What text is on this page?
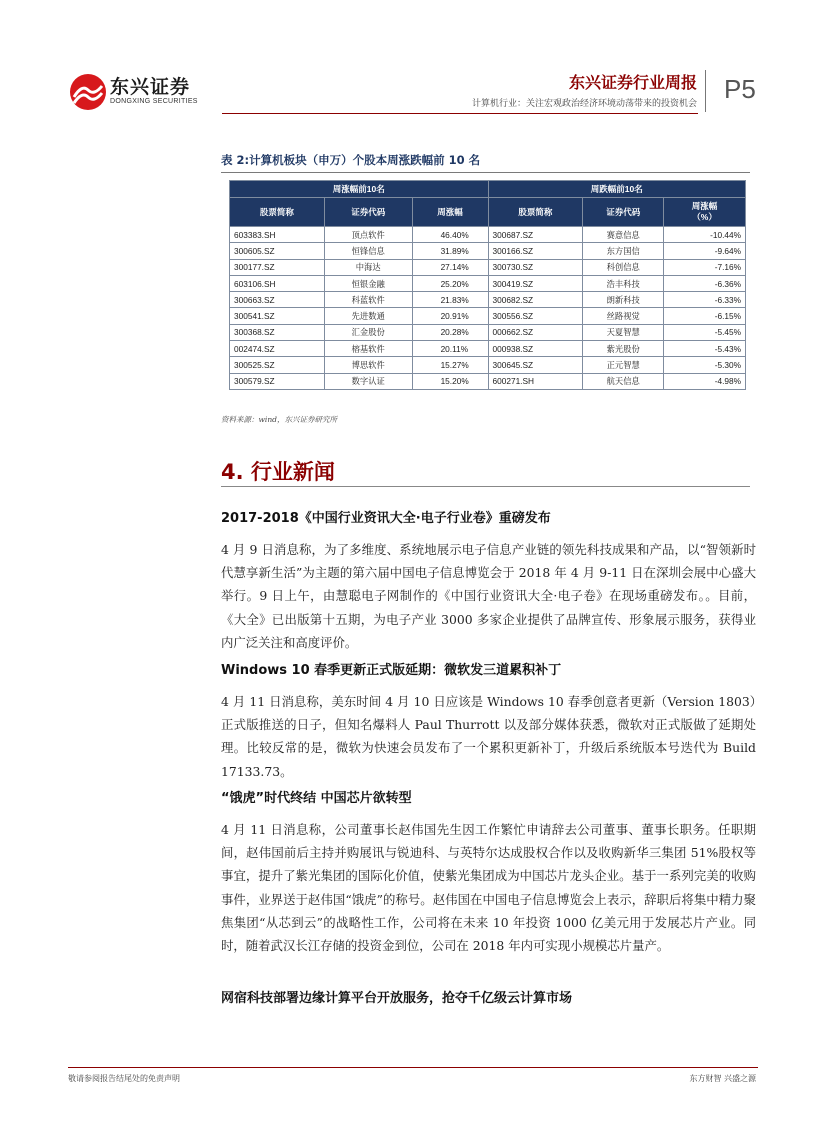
东兴证券
DONGXING SECURITIES
东兴证券行业周报
计算机行业：关注宏观政治经济环境动荡带来的投资机会 P5
表 2:计算机板块（申万）个股本周涨跌幅前 10 名
周涨幅前10名			周跌幅前10名		
股票简称	证券代码	周涨幅	股票简称	证券代码	周涨幅
（%）
603383.SH	顶点软件	46.40%	300687.SZ	赛意信息	-10.44%
300605.SZ	恒锋信息	31.89%	300166.SZ	东方国信	-9.64%
300177.SZ	中海达	27.14%	300730.SZ	科创信息	-7.16%
603106.SH	恒银金融	25.20%	300419.SZ	浩丰科技	-6.36%
300663.SZ	科蓝软件	21.83%	300682.SZ	朗新科技	-6.33%
300541.SZ	先进数通	20.91%	300556.SZ	丝路视觉	-6.15%
300368.SZ	汇金股份	20.28%	000662.SZ	天夏智慧	-5.45%
002474.SZ	榕基软件	20.11%	000938.SZ	紫光股份	-5.43%
300525.SZ	博思软件	15.27%	300645.SZ	正元智慧	-5.30%
300579.SZ	数字认证	15.20%	600271.SH	航天信息	-4.98%
资料来源：wind，东兴证券研究所
4. 行业新闻
2017-2018《中国行业资讯大全·电子行业卷》重磅发布
4 月 9 日消息称，为了多维度、系统地展示电子信息产业链的领先科技成果和产品，以“智领新时代慧享新生活”为主题的第六届中国电子信息博览会于 2018 年 4 月 9-11 日在深圳会展中心盛大举行。9 日上午，由慧聪电子网制作的《中国行业资讯大全·电子卷》在现场重磅发布。。目前，《大全》已出版第十五期，为电子产业 3000 多家企业提供了品牌宣传、形象展示服务，获得业内广泛关注和高度评价。
Windows 10 春季更新正式版延期：微软发三道累积补丁
4 月 11 日消息称，美东时间 4 月 10 日应该是 Windows 10 春季创意者更新（Version 1803）正式版推送的日子，但知名爆料人 Paul Thurrott 以及部分媒体获悉，微软对正式版做了延期处理。比较反常的是，微软为快速会员发布了一个累积更新补丁，升级后系统版本号迭代为 Build 17133.73。
“饿虎”时代终结 中国芯片欲转型
4 月 11 日消息称，公司董事长赵伟国先生因工作繁忙申请辞去公司董事、董事长职务。任职期间，赵伟国前后主持并购展讯与锐迪科、与英特尔达成股权合作以及收购新华三集团 51%股权等事宜，提升了紫光集团的国际化价值，使紫光集团成为中国芯片龙头企业。基于一系列完美的收购事件，业界送于赵伟国“饿虎”的称号。赵伟国在中国电子信息博览会上表示，辞职后将集中精力聚焦集团“从芯到云”的战略性工作，公司将在未来 10 年投资 1000 亿美元用于发展芯片产业。同时，随着武汉长江存储的投资金到位，公司在 2018 年内可实现小规模芯片量产。
网宿科技部署边缘计算平台开放服务，抢夺千亿级云计算市场
敬请参阅报告结尾处的免责声明	东方财智 兴盛之源
